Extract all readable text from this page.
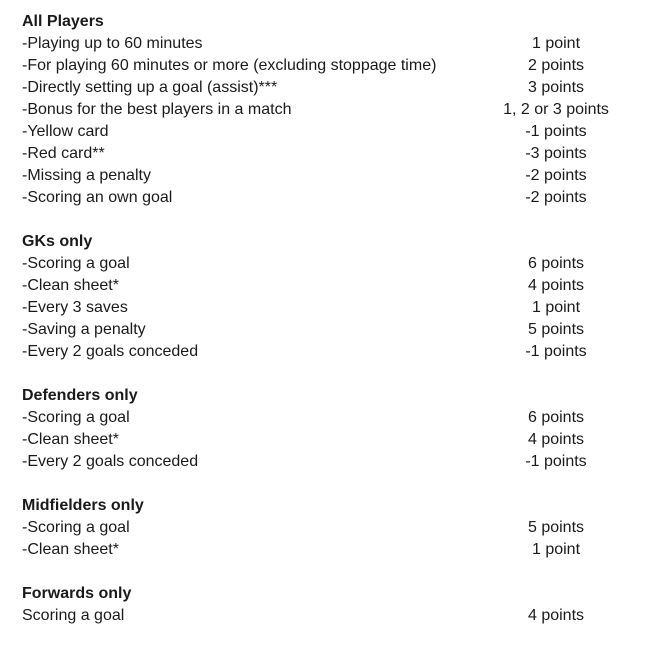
All Players
-Playing up to 60 minutes	1 point
-For playing 60 minutes or more (excluding stoppage time)	2 points
-Directly setting up a goal (assist)***	3 points
-Bonus for the best players in a match	1, 2 or 3 points
-Yellow card	-1 points
-Red card**	-3 points
-Missing a penalty	-2 points
-Scoring an own goal	-2 points
GKs only
-Scoring a goal	6 points
-Clean sheet*	4 points
-Every 3 saves	1 point
-Saving a penalty	5 points
-Every 2 goals conceded	-1 points
Defenders only
-Scoring a goal	6 points
-Clean sheet*	4 points
-Every 2 goals conceded	-1 points
Midfielders only
-Scoring a goal	5 points
-Clean sheet*	1 point
Forwards only
Scoring a goal	4 points
